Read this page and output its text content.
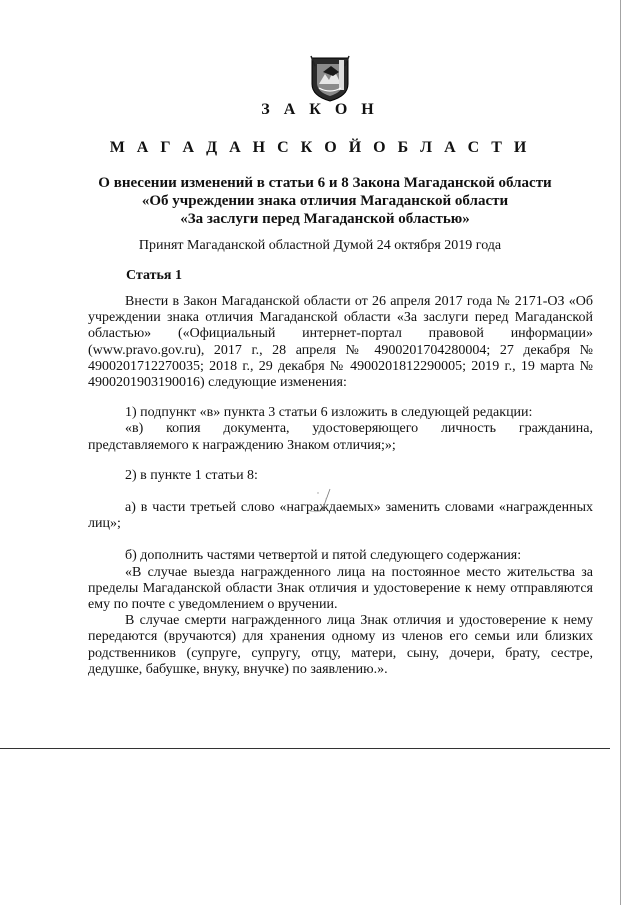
З А К О Н
М А Г А Д А Н С К О Й О Б Л А С Т И
О внесении изменений в статьи 6 и 8 Закона Магаданской области
«Об учреждении знака отличия Магаданской области
«За заслуги перед Магаданской областью»
Принят Магаданской областной Думой 24 октября 2019 года
Статья 1

Внести в Закон Магаданской области от 26 апреля 2017 года № 2171-ОЗ «Об учреждении знака отличия Магаданской области «За заслуги перед Магаданской областью» («Официальный интернет-портал правовой информации» (www.pravo.gov.ru), 2017 г., 28 апреля № 4900201704280004; 27 декабря № 4900201712270035; 2018 г., 29 декабря № 4900201812290005; 2019 г., 19 марта № 4900201903190016) следующие изменения:

1) подпункт «в» пункта 3 статьи 6 изложить в следующей редакции:

«в) копия документа, удостоверяющего личность гражданина, представляемого к награждению Знаком отличия;»;

2) в пункте 1 статьи 8:

а) в части третьей слово «награждаемых» заменить словами «награжденных лиц»;

б) дополнить частями четвертой и пятой следующего содержания:

«В случае выезда награжденного лица на постоянное место жительства за пределы Магаданской области Знак отличия и удостоверение к нему отправляются ему по почте с уведомлением о вручении.

В случае смерти награжденного лица Знак отличия и удостоверение к нему передаются (вручаются) для хранения одному из членов его семьи или близких родственников (супруге, супругу, отцу, матери, сыну, дочери, брату, сестре, дедушке, бабушке, внуку, внучке) по заявлению.».
